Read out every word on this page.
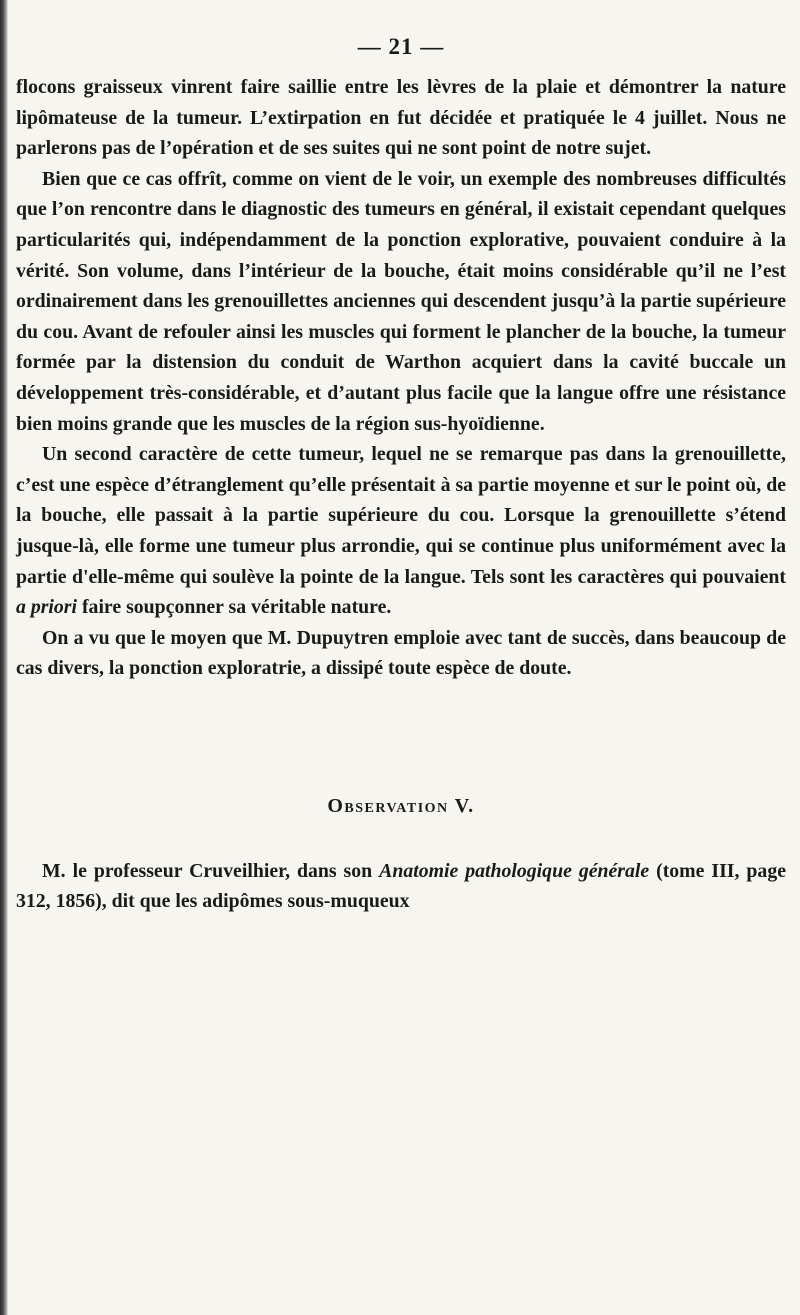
— 21 —

flocons graisseux vinrent faire saillie entre les lèvres de la plaie et démontrer la nature lipômateuse de la tumeur. L’extirpation en fut décidée et pratiquée le 4 juillet. Nous ne parlerons pas de l’opération et de ses suites qui ne sont point de notre sujet.

Bien que ce cas offrît, comme on vient de le voir, un exemple des nombreuses difficultés que l’on rencontre dans le diagnostic des tumeurs en général, il existait cependant quelques particularités qui, indépendamment de la ponction explorative, pouvaient conduire à la vérité. Son volume, dans l’intérieur de la bouche, était moins considérable qu’il ne l’est ordinairement dans les grenouillettes anciennes qui descendent jusqu’à la partie supérieure du cou. Avant de refouler ainsi les muscles qui forment le plancher de la bouche, la tumeur formée par la distension du conduit de Warthon acquiert dans la cavité buccale un développement très-considérable, et d’autant plus facile que la langue offre une résistance bien moins grande que les muscles de la région sus-hyoïdienne.

Un second caractère de cette tumeur, lequel ne se remarque pas dans la grenouillette, c’est une espèce d’étranglement qu’elle présentait à sa partie moyenne et sur le point où, de la bouche, elle passait à la partie supérieure du cou. Lorsque la grenouillette s’étend jusque-là, elle forme une tumeur plus arrondie, qui se continue plus uniformément avec la partie d'elle-même qui soulève la pointe de la langue. Tels sont les caractères qui pouvaient a priori faire soupçonner sa véritable nature.

On a vu que le moyen que M. Dupuytren emploie avec tant de succès, dans beaucoup de cas divers, la ponction exploratrie, a dissipé toute espèce de doute.

Observation V.

M. le professeur Cruveilhier, dans son Anatomie pathologique générale (tome III, page 312, 1856), dit que les adipômes sous-muqueux
